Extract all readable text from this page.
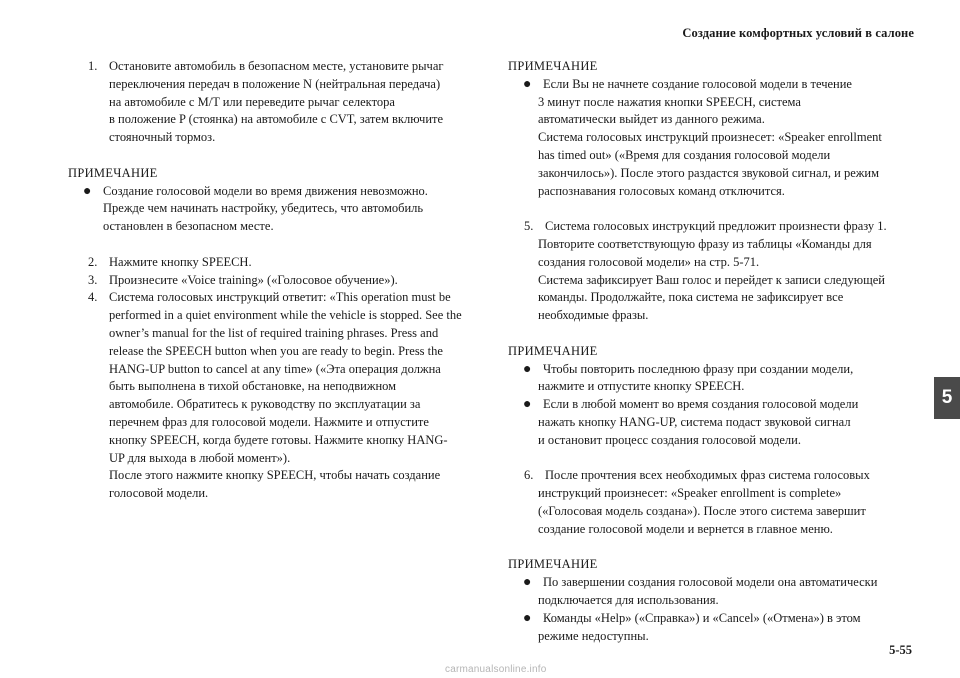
Создание комфортных условий в салоне
1. Остановите автомобиль в безопасном месте, установите рычаг
переключения передач в положение N (нейтральная передача)
на автомобиле с M/T или переведите рычаг селектора
в положение P (стоянка) на автомобиле с CVT, затем включите
стояночный тормоз.
ПРИМЕЧАНИЕ
● Создание голосовой модели во время движения невозможно.
Прежде чем начинать настройку, убедитесь, что автомобиль
остановлен в безопасном месте.
2. Нажмите кнопку SPEECH.
3. Произнесите «Voice training» («Голосовое обучение»).
4. Система голосовых инструкций ответит: «This operation must be
performed in a quiet environment while the vehicle is stopped. See the
owner’s manual for the list of required training phrases. Press and
release the SPEECH button when you are ready to begin. Press the
HANG-UP button to cancel at any time» («Эта операция должна
быть выполнена в тихой обстановке, на неподвижном
автомобиле. Обратитесь к руководству по эксплуатации за
перечнем фраз для голосовой модели. Нажмите и отпустите
кнопку SPEECH, когда будете готовы. Нажмите кнопку HANG-
UP для выхода в любой момент»).
После этого нажмите кнопку SPEECH, чтобы начать создание
голосовой модели.
ПРИМЕЧАНИЕ
● Если Вы не начнете создание голосовой модели в течение
3 минут после нажатия кнопки SPEECH, система
автоматически выйдет из данного режима.
Система голосовых инструкций произнесет: «Speaker enrollment
has timed out» («Время для создания голосовой модели
закончилось»). После этого раздастся звуковой сигнал, и режим
распознавания голосовых команд отключится.
5. Система голосовых инструкций предложит произнести фразу 1.
Повторите соответствующую фразу из таблицы «Команды для
создания голосовой модели» на стр. 5-71.
Система зафиксирует Ваш голос и перейдет к записи следующей
команды. Продолжайте, пока система не зафиксирует все
необходимые фразы.
ПРИМЕЧАНИЕ
● Чтобы повторить последнюю фразу при создании модели,
нажмите и отпустите кнопку SPEECH.
● Если в любой момент во время создания голосовой модели
нажать кнопку HANG-UP, система подаст звуковой сигнал
и остановит процесс создания голосовой модели.
6. После прочтения всех необходимых фраз система голосовых
инструкций произнесет: «Speaker enrollment is complete»
(«Голосовая модель создана»). После этого система завершит
создание голосовой модели и вернется в главное меню.
ПРИМЕЧАНИЕ
● По завершении создания голосовой модели она автоматически
подключается для использования.
● Команды «Help» («Справка») и «Cancel» («Отмена») в этом
режиме недоступны.
5
5-55
carmanualsonline.info
